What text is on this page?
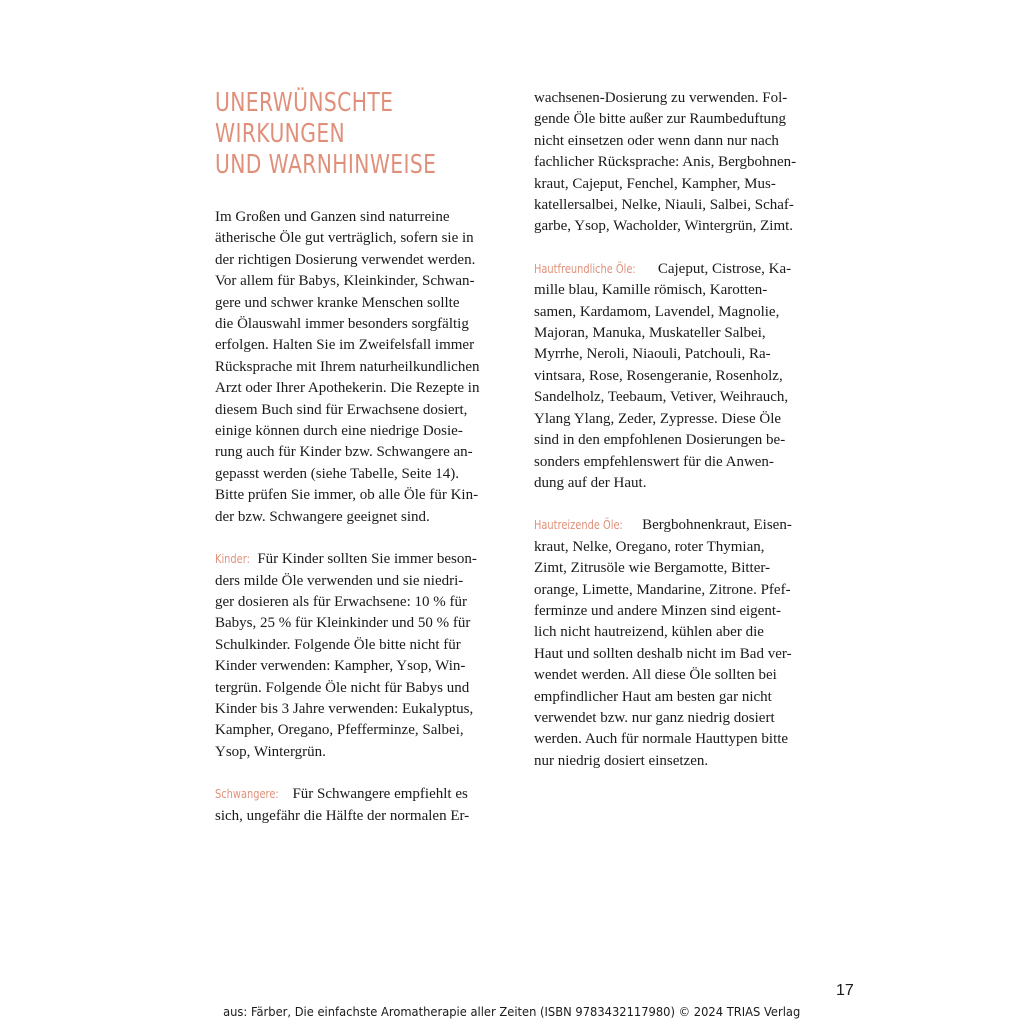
UNERWÜNSCHTE WIRKUNGEN
UND WARNHINWEISE

Im Großen und Ganzen sind naturreine
ätherische Öle gut verträglich, sofern sie in
der richtigen Dosierung verwendet werden.
Vor allem für Babys, Kleinkinder, Schwan-
gere und schwer kranke Menschen sollte
die Ölauswahl immer besonders sorgfältig
erfolgen. Halten Sie im Zweifelsfall immer
Rücksprache mit Ihrem naturheilkundlichen
Arzt oder Ihrer Apothekerin. Die Rezepte in
diesem Buch sind für Erwachsene dosiert,
einige können durch eine niedrige Dosie-
rung auch für Kinder bzw. Schwangere an-
gepasst werden (siehe Tabelle, Seite 14).
Bitte prüfen Sie immer, ob alle Öle für Kin-
der bzw. Schwangere geeignet sind.

Kinder: Für Kinder sollten Sie immer beson-
ders milde Öle verwenden und sie niedri-
ger dosieren als für Erwachsene: 10 % für
Babys, 25 % für Kleinkinder und 50 % für
Schulkinder. Folgende Öle bitte nicht für
Kinder verwenden: Kampher, Ysop, Win-
tergrün. Folgende Öle nicht für Babys und
Kinder bis 3 Jahre verwenden: Eukalyptus,
Kampher, Oregano, Pfefferminze, Salbei,
Ysop, Wintergrün.

Schwangere: Für Schwangere empfiehlt es
sich, ungefähr die Hälfte der normalen Er-

wachsenen-Dosierung zu verwenden. Fol-
gende Öle bitte außer zur Raumbeduftung
nicht einsetzen oder wenn dann nur nach
fachlicher Rücksprache: Anis, Bergbohnen-
kraut, Cajeput, Fenchel, Kampher, Mus-
katellersalbei, Nelke, Niauli, Salbei, Schaf-
garbe, Ysop, Wacholder, Wintergrün, Zimt.

Hautfreundliche Öle: Cajeput, Cistrose, Ka-
mille blau, Kamille römisch, Karotten-
samen, Kardamom, Lavendel, Magnolie,
Majoran, Manuka, Muskateller Salbei,
Myrrhe, Neroli, Niaouli, Patchouli, Ra-
vintsara, Rose, Rosengeranie, Rosenholz,
Sandelholz, Teebaum, Vetiver, Weihrauch,
Ylang Ylang, Zeder, Zypresse. Diese Öle
sind in den empfohlenen Dosierungen be-
sonders empfehlenswert für die Anwen-
dung auf der Haut.

Hautreizende Öle: Bergbohnenkraut, Eisen-
kraut, Nelke, Oregano, roter Thymian,
Zimt, Zitrusöle wie Bergamotte, Bitter-
orange, Limette, Mandarine, Zitrone. Pfef-
ferminze und andere Minzen sind eigent-
lich nicht hautreizend, kühlen aber die
Haut und sollten deshalb nicht im Bad ver-
wendet werden. All diese Öle sollten bei
empfindlicher Haut am besten gar nicht
verwendet bzw. nur ganz niedrig dosiert
werden. Auch für normale Hauttypen bitte
nur niedrig dosiert einsetzen.

17
aus: Färber, Die einfachste Aromatherapie aller Zeiten (ISBN 9783432117980) © 2024 TRIAS Verlag
